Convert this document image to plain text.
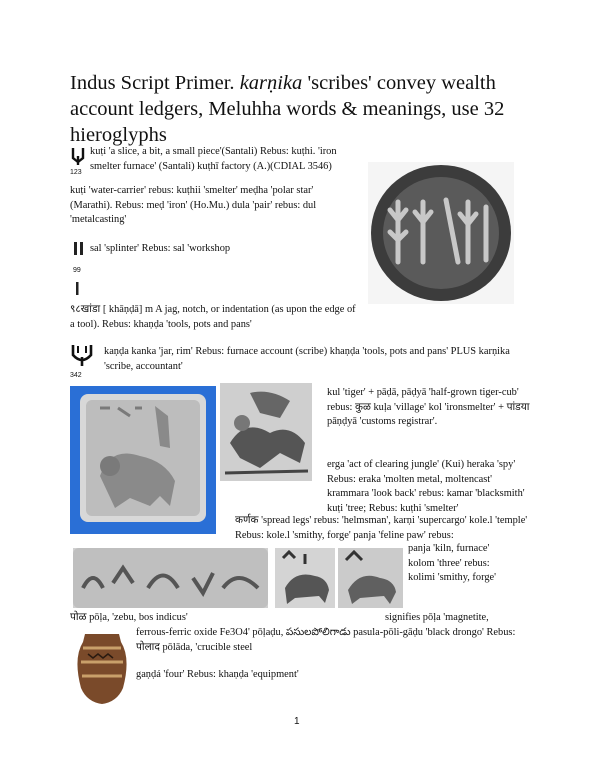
Indus Script Primer. karṇika 'scribes' convey wealth account ledgers, Meluhha words & meanings, use 32 hieroglyphs
123
kuṭi 'a slice, a bit, a small piece'(Santali) Rebus: kuṭhi. 'iron smelter furnace' (Santali) kuṭhī factory (A.)(CDIAL 3546)
kuṭi 'water-carrier' rebus: kuṭhii 'smelter' meḍha 'polar star' (Marathi). Rebus: meḍ 'iron' (Ho.Mu.) dula 'pair' rebus: dul 'metalcasting'
sal 'splinter' Rebus: sal 'workshop
99
९८खांडा [ khāṇḍā] m A jag, notch, or indentation (as upon the edge of a tool). Rebus: khaṇḍa 'tools, pots and pans'
342
kaṇḍa kanka 'jar, rim' Rebus: furnace account (scribe) khaṇḍa 'tools, pots and pans' PLUS karṇika 'scribe, accountant'
kul 'tiger' + pāḍā, pāḍyā 'half-grown tiger-cub' rebus: कुळ kuḷa 'village' kol 'ironsmelter' + पांडया pāṇḍyā 'customs registrar'.
erga 'act of clearing jungle' (Kui) heraka 'spy' Rebus: eraka 'molten metal, moltencast' krammara 'look back' rebus: kamar 'blacksmith' kuṭi 'tree; Rebus: kuṭhi 'smelter'
कर्णक 'spread legs' rebus: 'helmsman', karṇi 'supercargo' kole.l 'temple' Rebus: kole.l 'smithy, forge' panja 'feline paw' rebus:
panja 'kiln, furnace' kolom 'three' rebus: kolimi 'smithy, forge'
पोळ pōḷa, 'zebu, bos indicus'	signifies pōḷa 'magnetite,
ferrous-ferric oxide Fe3O4' pōḷaḍu, పసులపోలిగాడు pasula-pōli-gāḍu 'black drongo' Rebus: पोलाद pōlāda, 'crucible steel
gaṇḍá 'four' Rebus: khaṇḍa 'equipment'
1
